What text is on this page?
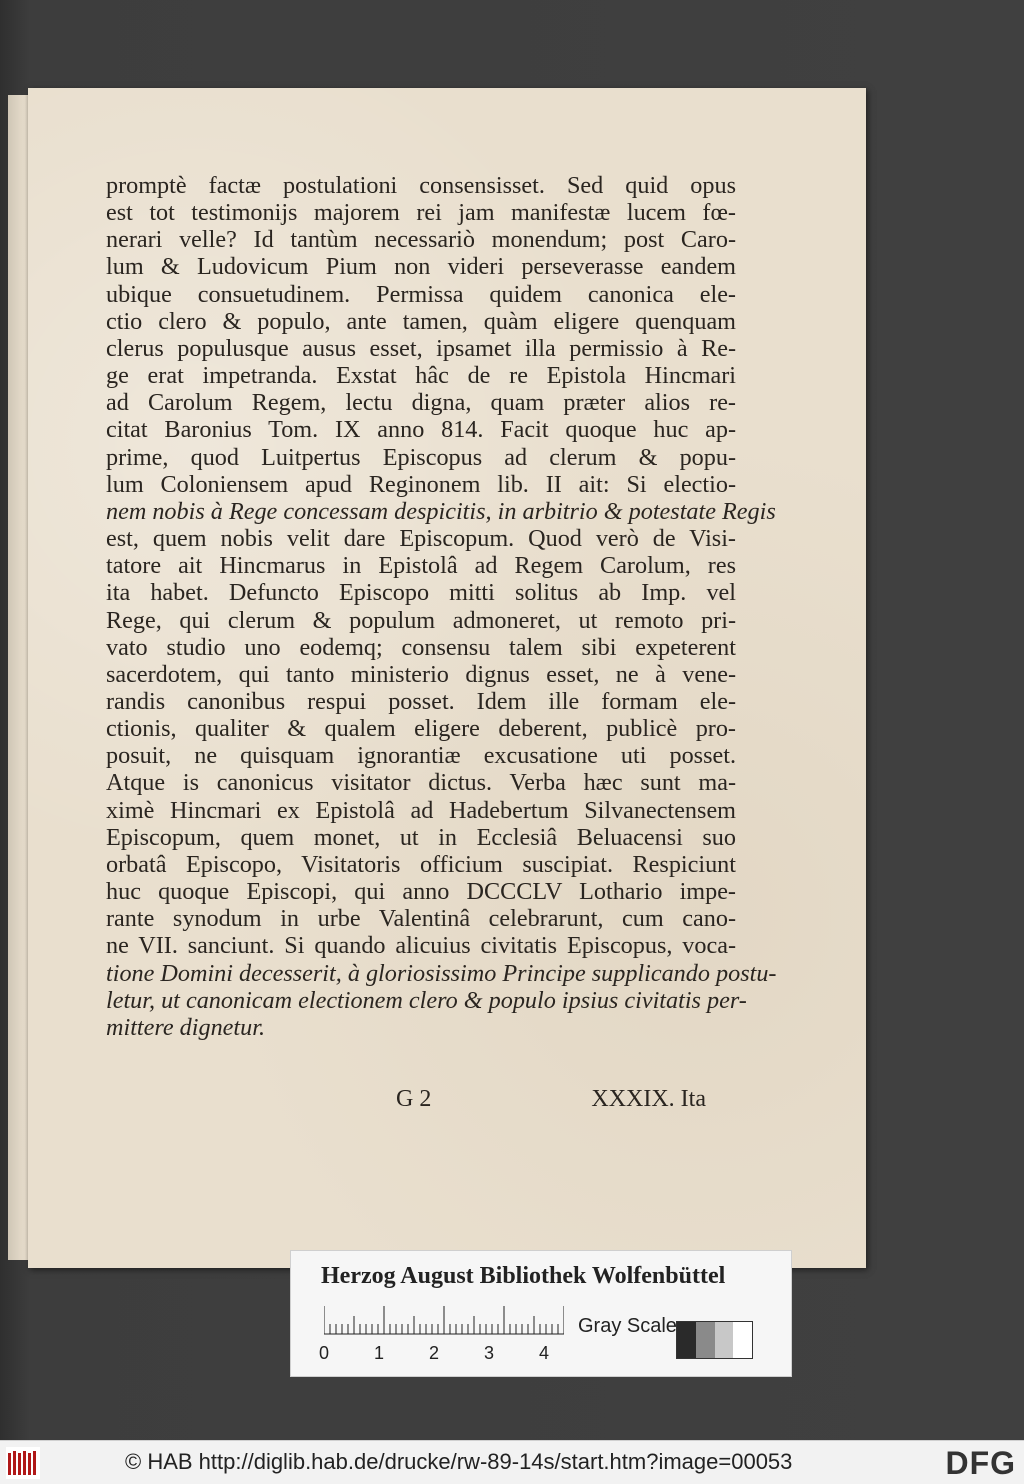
promptè factæ postulationi consensisset. Sed quid opus
est tot testimonijs majorem rei jam manifestæ lucem fœ-
nerari velle? Id tantùm necessariò monendum; post Caro-
lum & Ludovicum Pium non videri perseverasse eandem
ubique consuetudinem. Permissa quidem canonica ele-
ctio clero & populo, ante tamen, quàm eligere quenquam
clerus populusque ausus esset, ipsamet illa permissio à Re-
ge erat impetranda. Exstat hâc de re Epistola Hincmari
ad Carolum Regem, lectu digna, quam præter alios re-
citat Baronius Tom. IX anno 814. Facit quoque huc ap-
prime, quod Luitpertus Episcopus ad clerum & popu-
lum Coloniensem apud Reginonem lib. II ait: Si electio-
nem nobis à Rege concessam despicitis, in arbitrio & potestate Regis
est, quem nobis velit dare Episcopum. Quod verò de Visi-
tatore ait Hincmarus in Epistolâ ad Regem Carolum, res
ita habet. Defuncto Episcopo mitti solitus ab Imp. vel
Rege, qui clerum & populum admoneret, ut remoto pri-
vato studio uno eodemq; consensu talem sibi expeterent
sacerdotem, qui tanto ministerio dignus esset, ne à vene-
randis canonibus respui posset. Idem ille formam ele-
ctionis, qualiter & qualem eligere deberent, publicè pro-
posuit, ne quisquam ignorantiæ excusatione uti posset.
Atque is canonicus visitator dictus. Verba hæc sunt ma-
ximè Hincmari ex Epistolâ ad Hadebertum Silvanectensem
Episcopum, quem monet, ut in Ecclesiâ Beluacensi suo
orbatâ Episcopo, Visitatoris officium suscipiat. Respiciunt
huc quoque Episcopi, qui anno DCCCLV Lothario impe-
rante synodum in urbe Valentinâ celebrarunt, cum cano-
ne VII. sanciunt. Si quando alicuius civitatis Episcopus, voca-
tione Domini decesserit, à gloriosissimo Principe supplicando postu-
letur, ut canonicam electionem clero & populo ipsius civitatis per-
mittere dignetur.
G 2	XXXIX. Ita
Herzog August Bibliothek Wolfenbüttel
0 1 2 3 4
Gray Scale
© HAB http://diglib.hab.de/drucke/rw-89-14s/start.htm?image=00053	DFG
